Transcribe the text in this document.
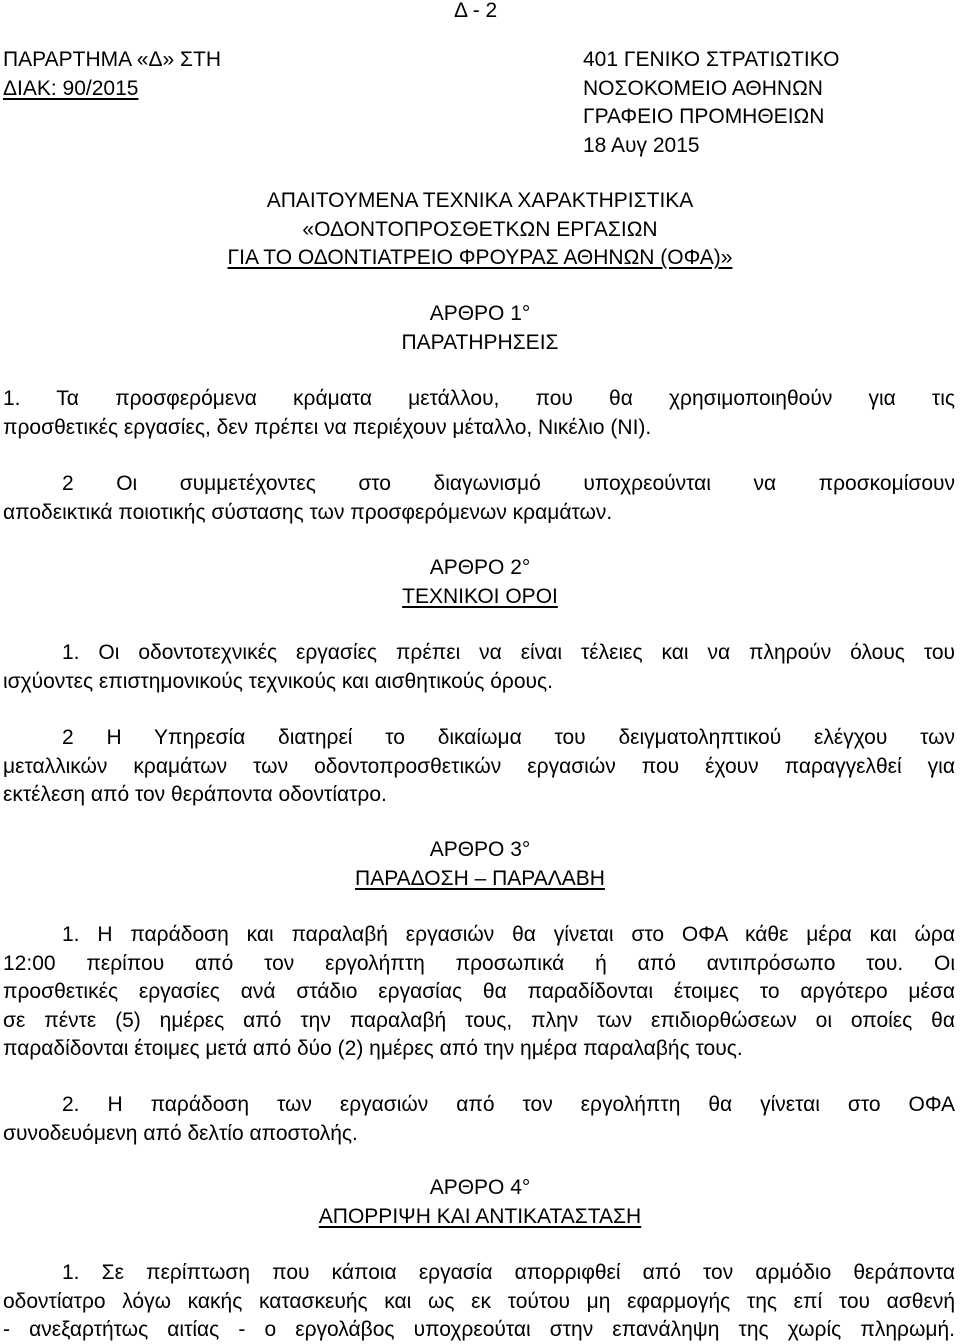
Δ - 2
ΠΑΡΑΡΤΗΜΑ «Δ» ΣΤΗ
ΔΙΑΚ: 90/2015
401 ΓΕΝΙΚΟ ΣΤΡΑΤΙΩΤΙΚΟ
ΝΟΣΟΚΟΜΕΙΟ ΑΘΗΝΩΝ
ΓΡΑΦΕΙΟ ΠΡΟΜΗΘΕΙΩΝ
18 Αυγ 2015
ΑΠΑΙΤΟΥΜΕΝΑ ΤΕΧΝΙΚΑ ΧΑΡΑΚΤΗΡΙΣΤΙΚΑ
«ΟΔΟΝΤΟΠΡΟΣΘΕΤΚΩΝ ΕΡΓΑΣΙΩΝ
ΓΙΑ ΤΟ ΟΔΟΝΤΙΑΤΡΕΙΟ ΦΡΟΥΡΑΣ ΑΘΗΝΩΝ (ΟΦΑ)»
ΑΡΘΡΟ 1°
ΠΑΡΑΤΗΡΗΣΕΙΣ
1. Τα προσφερόμενα κράματα μετάλλου, που θα χρησιμοποιηθούν για τις
προσθετικές εργασίες, δεν πρέπει να περιέχουν μέταλλο, Νικέλιο (NI).
2 Οι συμμετέχοντες στο διαγωνισμό υποχρεούνται να προσκομίσουν
αποδεικτικά ποιοτικής σύστασης των προσφερόμενων κραμάτων.
ΑΡΘΡΟ 2°
ΤΕΧΝΙΚΟΙ ΟΡΟΙ
1. Οι οδοντοτεχνικές εργασίες πρέπει να είναι τέλειες και να πληρούν όλους του
ισχύοντες επιστημονικούς τεχνικούς και αισθητικούς όρους.
2 Η Υπηρεσία διατηρεί το δικαίωμα του δειγματοληπτικού ελέγχου των
μεταλλικών κραμάτων των οδοντοπροσθετικών εργασιών που έχουν παραγγελθεί για
εκτέλεση από τον θεράποντα οδοντίατρο.
ΑΡΘΡΟ 3°
ΠΑΡΑΔΟΣΗ – ΠΑΡΑΛΑΒΗ
1. Η παράδοση και παραλαβή εργασιών θα γίνεται στο ΟΦΑ κάθε μέρα και ώρα
12:00 περίπου από τον εργολήπτη προσωπικά ή από αντιπρόσωπο του. Οι
προσθετικές εργασίες ανά στάδιο εργασίας θα παραδίδονται έτοιμες το αργότερο μέσα
σε πέντε (5) ημέρες από την παραλαβή τους, πλην των επιδιορθώσεων οι οποίες θα
παραδίδονται έτοιμες μετά από δύο (2) ημέρες από την ημέρα παραλαβής τους.
2. Η παράδοση των εργασιών από τον εργολήπτη θα γίνεται στο ΟΦΑ
συνοδευόμενη από δελτίο αποστολής.
ΑΡΘΡΟ 4°
ΑΠΟΡΡΙΨΗ ΚΑΙ ΑΝΤΙΚΑΤΑΣΤΑΣΗ
1. Σε περίπτωση που κάποια εργασία απορριφθεί από τον αρμόδιο θεράποντα
οδοντίατρο λόγω κακής κατασκευής και ως εκ τούτου μη εφαρμογής της επί του ασθενή
- ανεξαρτήτως αιτίας - ο εργολάβος υποχρεούται στην επανάληψη της χωρίς πληρωμή.
